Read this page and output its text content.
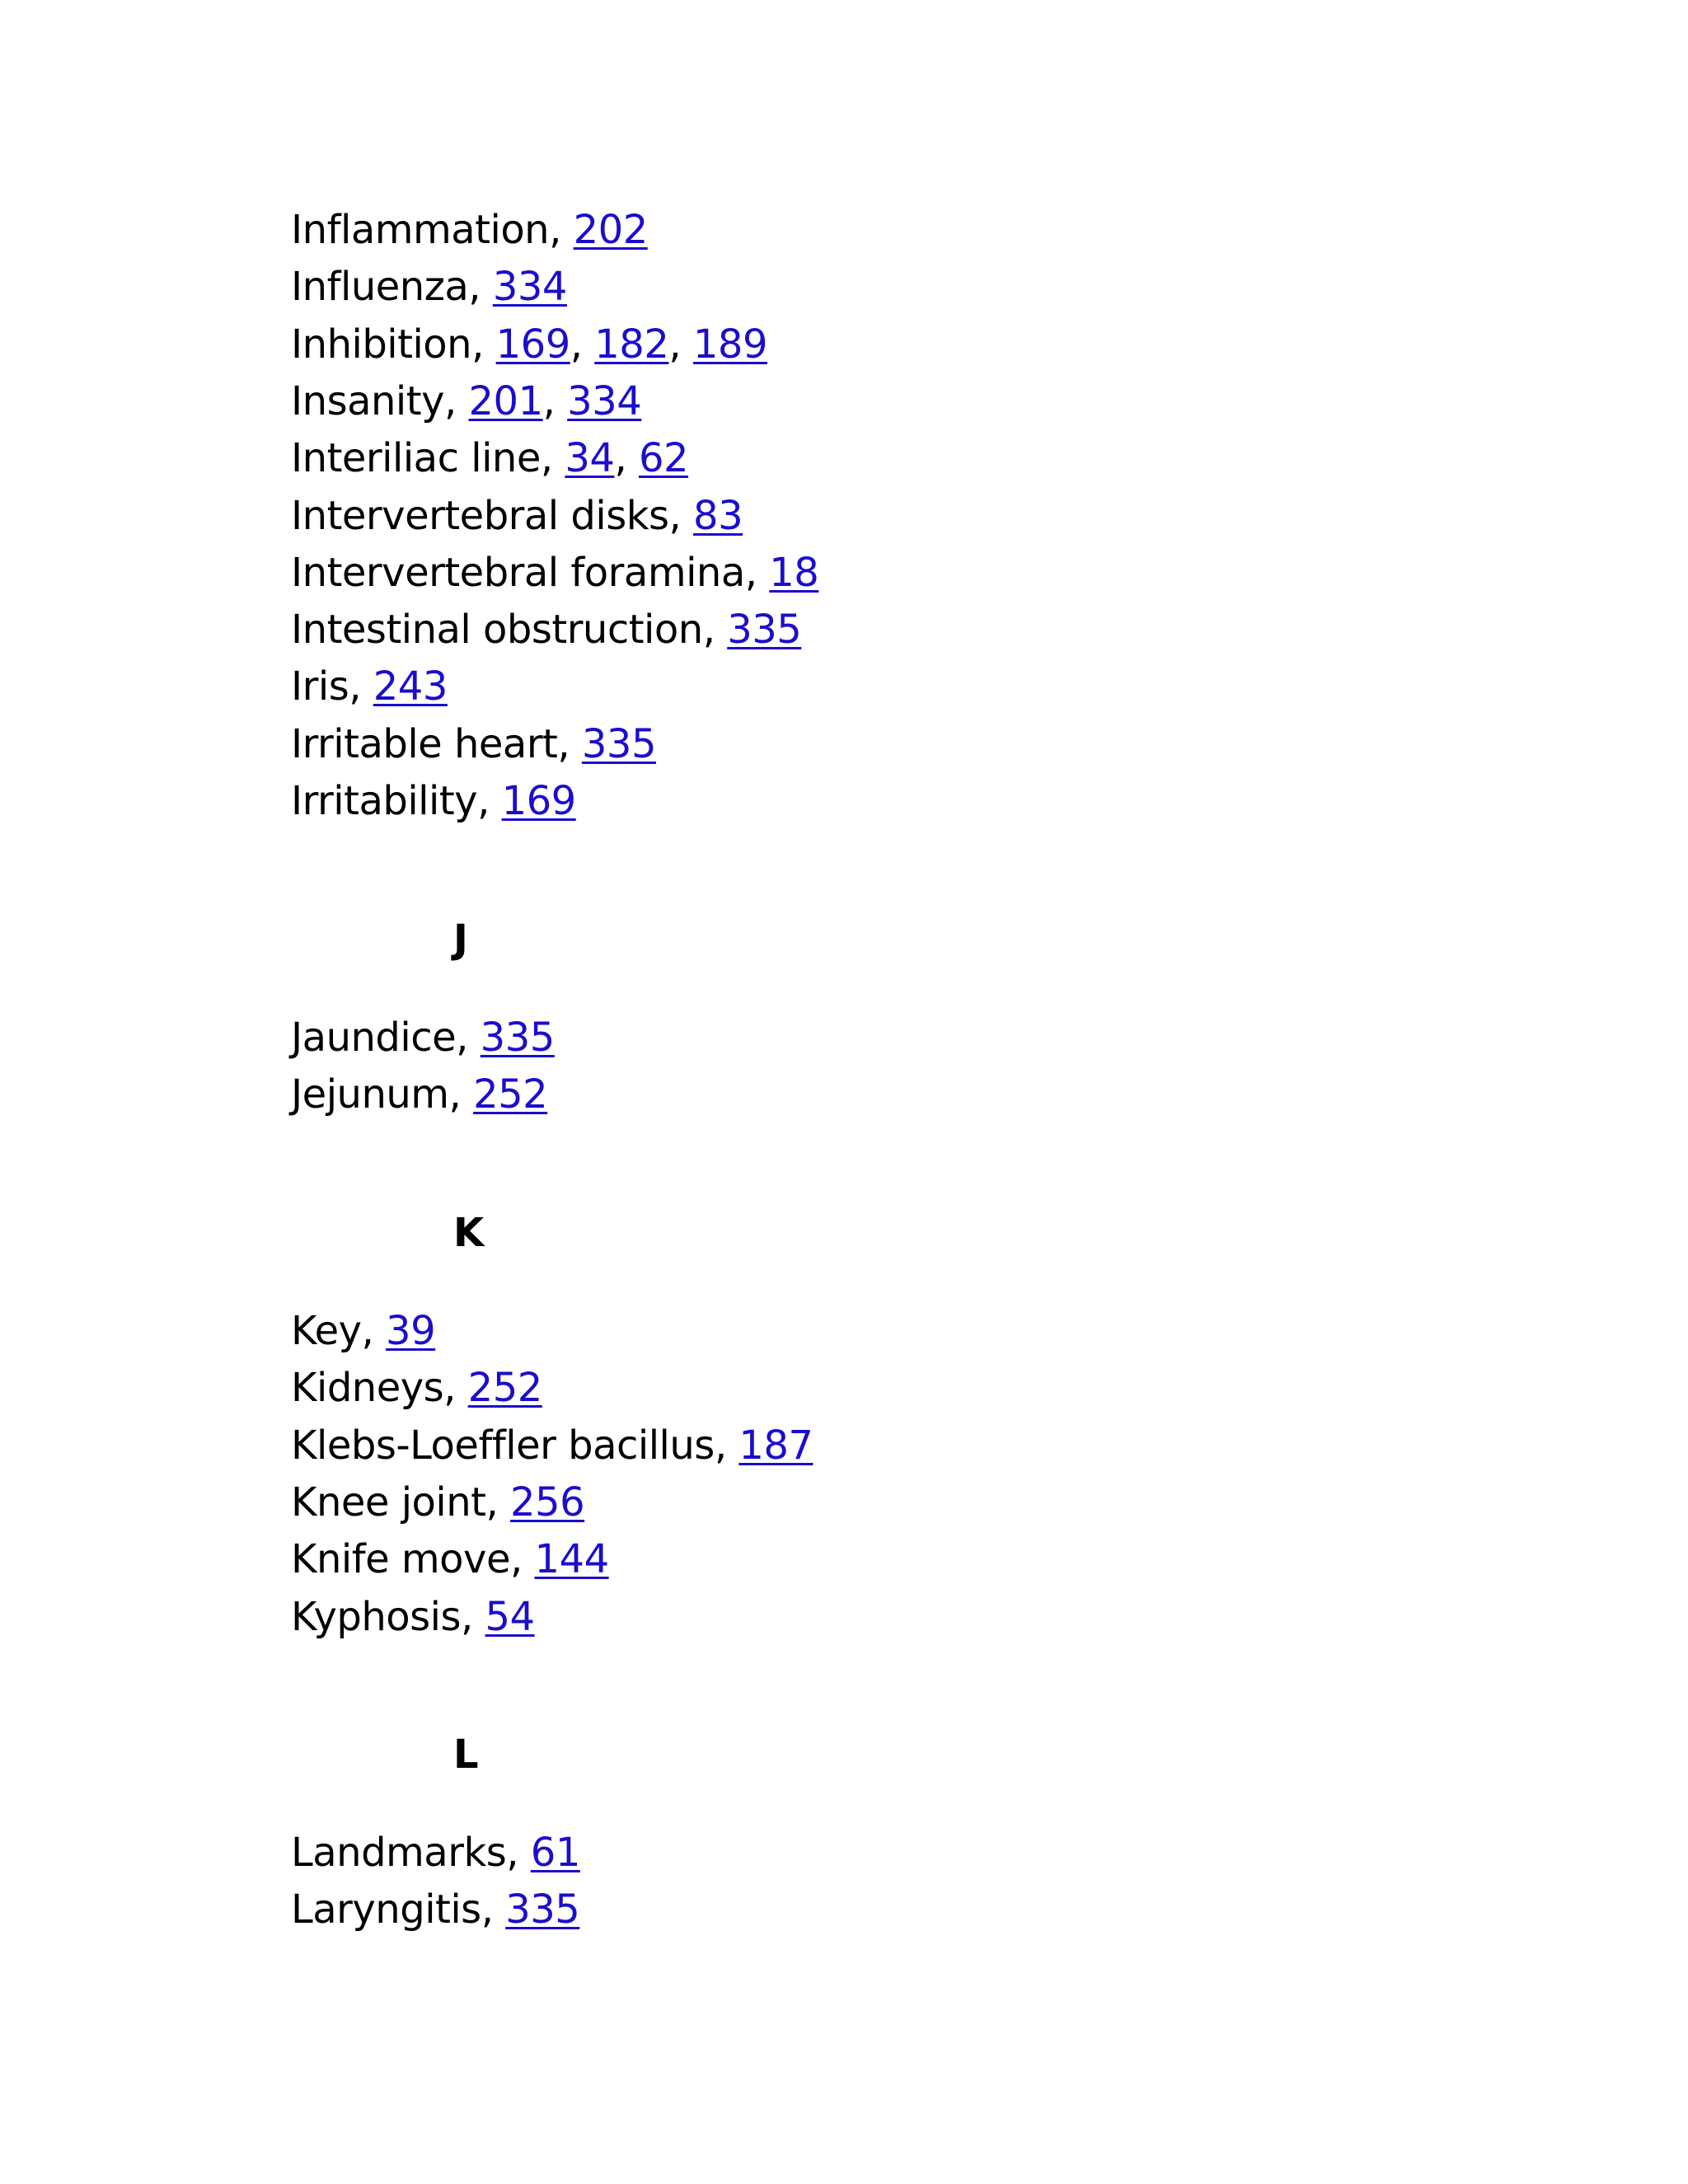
Inflammation, 202
Influenza, 334
Inhibition, 169, 182, 189
Insanity, 201, 334
Interiliac line, 34, 62
Intervertebral disks, 83
Intervertebral foramina, 18
Intestinal obstruction, 335
Iris, 243
Irritable heart, 335
Irritability, 169
J
Jaundice, 335
Jejunum, 252
K
Key, 39
Kidneys, 252
Klebs-Loeffler bacillus, 187
Knee joint, 256
Knife move, 144
Kyphosis, 54
L
Landmarks, 61
Laryngitis, 335
